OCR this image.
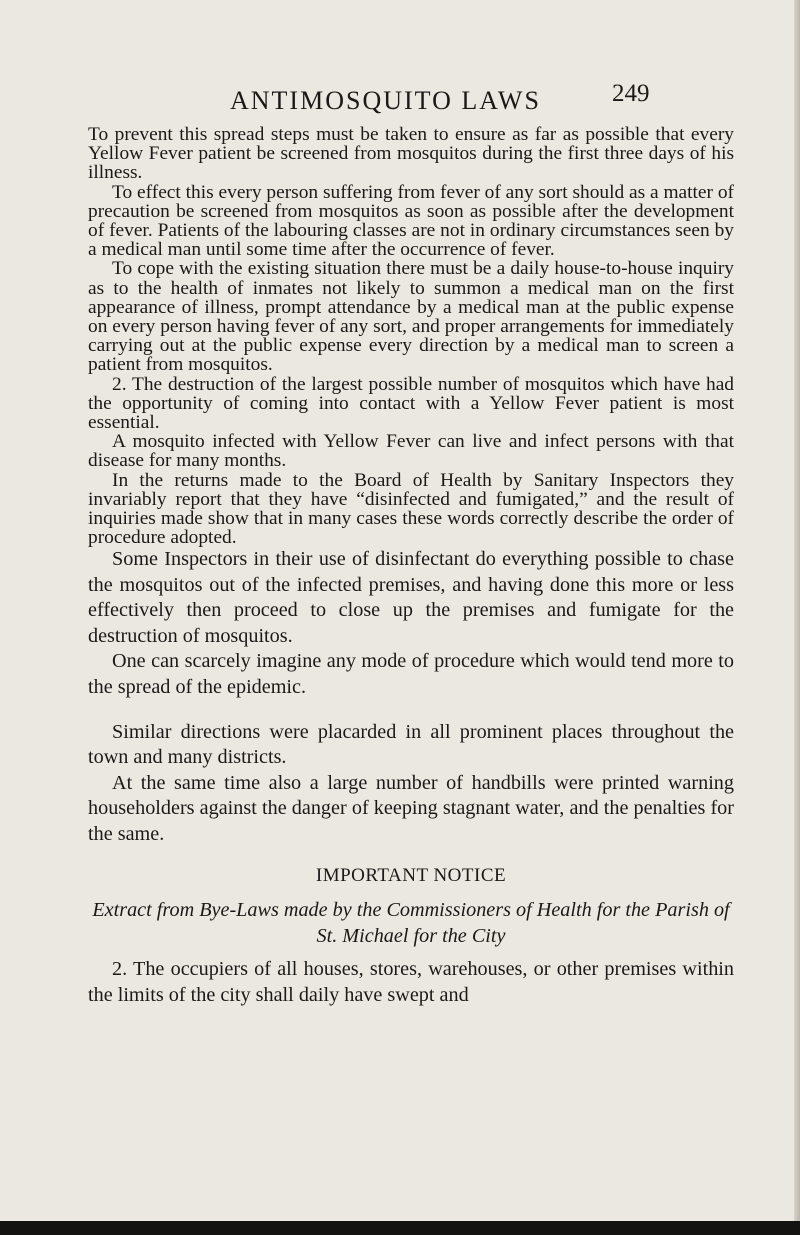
ANTIMOSQUITO LAWS	249

To prevent this spread steps must be taken to ensure as far as possible that every Yellow Fever patient be screened from mosquitos during the first three days of his illness.

To effect this every person suffering from fever of any sort should as a matter of precaution be screened from mosquitos as soon as possible after the development of fever. Patients of the labouring classes are not in ordinary circumstances seen by a medical man until some time after the occurrence of fever.

To cope with the existing situation there must be a daily house-to-house inquiry as to the health of inmates not likely to summon a medical man on the first appearance of illness, prompt attendance by a medical man at the public expense on every person having fever of any sort, and proper arrangements for immediately carrying out at the public expense every direction by a medical man to screen a patient from mosquitos.

2. The destruction of the largest possible number of mosquitos which have had the opportunity of coming into contact with a Yellow Fever patient is most essential.

A mosquito infected with Yellow Fever can live and infect persons with that disease for many months.

In the returns made to the Board of Health by Sanitary Inspectors they invariably report that they have “disinfected and fumigated,” and the result of inquiries made show that in many cases these words correctly describe the order of procedure adopted.

Some Inspectors in their use of disinfectant do everything possible to chase the mosquitos out of the infected premises, and having done this more or less effectively then proceed to close up the premises and fumigate for the destruction of mosquitos.

One can scarcely imagine any mode of procedure which would tend more to the spread of the epidemic.

Similar directions were placarded in all prominent places throughout the town and many districts.

At the same time also a large number of handbills were printed warning householders against the danger of keeping stagnant water, and the penalties for the same.

IMPORTANT NOTICE

Extract from Bye-Laws made by the Commissioners of Health for the Parish of St. Michael for the City

2. The occupiers of all houses, stores, warehouses, or other premises within the limits of the city shall daily have swept and
